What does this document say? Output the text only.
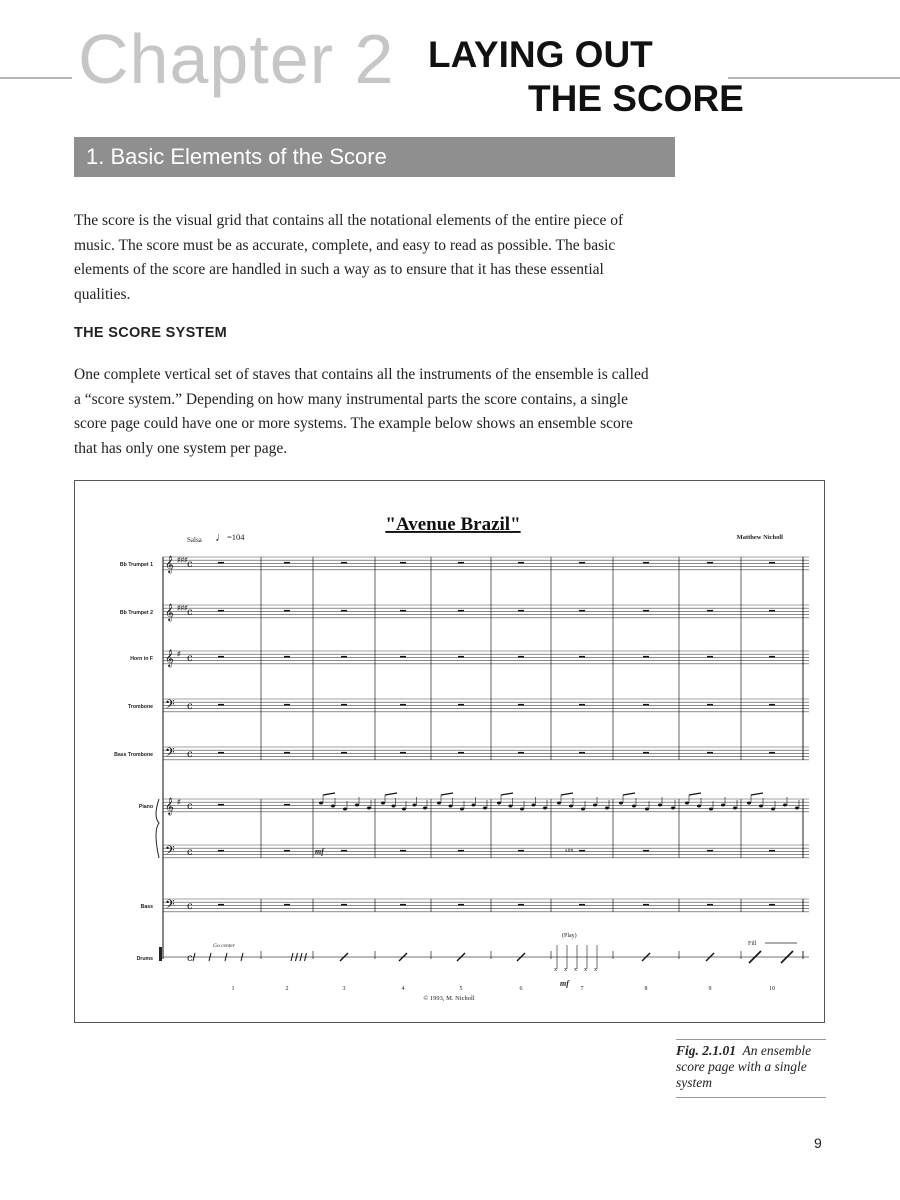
Chapter 2 LAYING OUT
THE SCORE
1. Basic Elements of the Score
The score is the visual grid that contains all the notational elements of the entire piece of music. The score must be as accurate, complete, and easy to read as possible. The basic elements of the score are handled in such a way as to ensure that it has these essential qualities.
THE SCORE SYSTEM
One complete vertical set of staves that contains all the instruments of the ensemble is called a “score system.” Depending on how many instrumental parts the score contains, a single score page could have one or more systems. The example below shows an ensemble score that has only one system per page.
"Avenue Brazil"
Matthew Nicholl
Salsa	=104
♩
Bb Trumpet 1
Bb Trumpet 2
Horn in F
Trombone
Bass Trombone
Piano
Bass
Drums
𝄞 c
♯♯♯
𝄞 c
♯♯♯
𝄞 c
♯
𝄢 c
𝄢 c
𝄞 c
♯
𝄢 c
𝄢 c
c
x x x x x
1	2	3	4	5	6	7	8	9	10
mf	sim.
Go center
(Play)
Fill
mf
© 1993, M. Nicholl
Fig. 2.1.01 An ensemble score page with a single system
9
